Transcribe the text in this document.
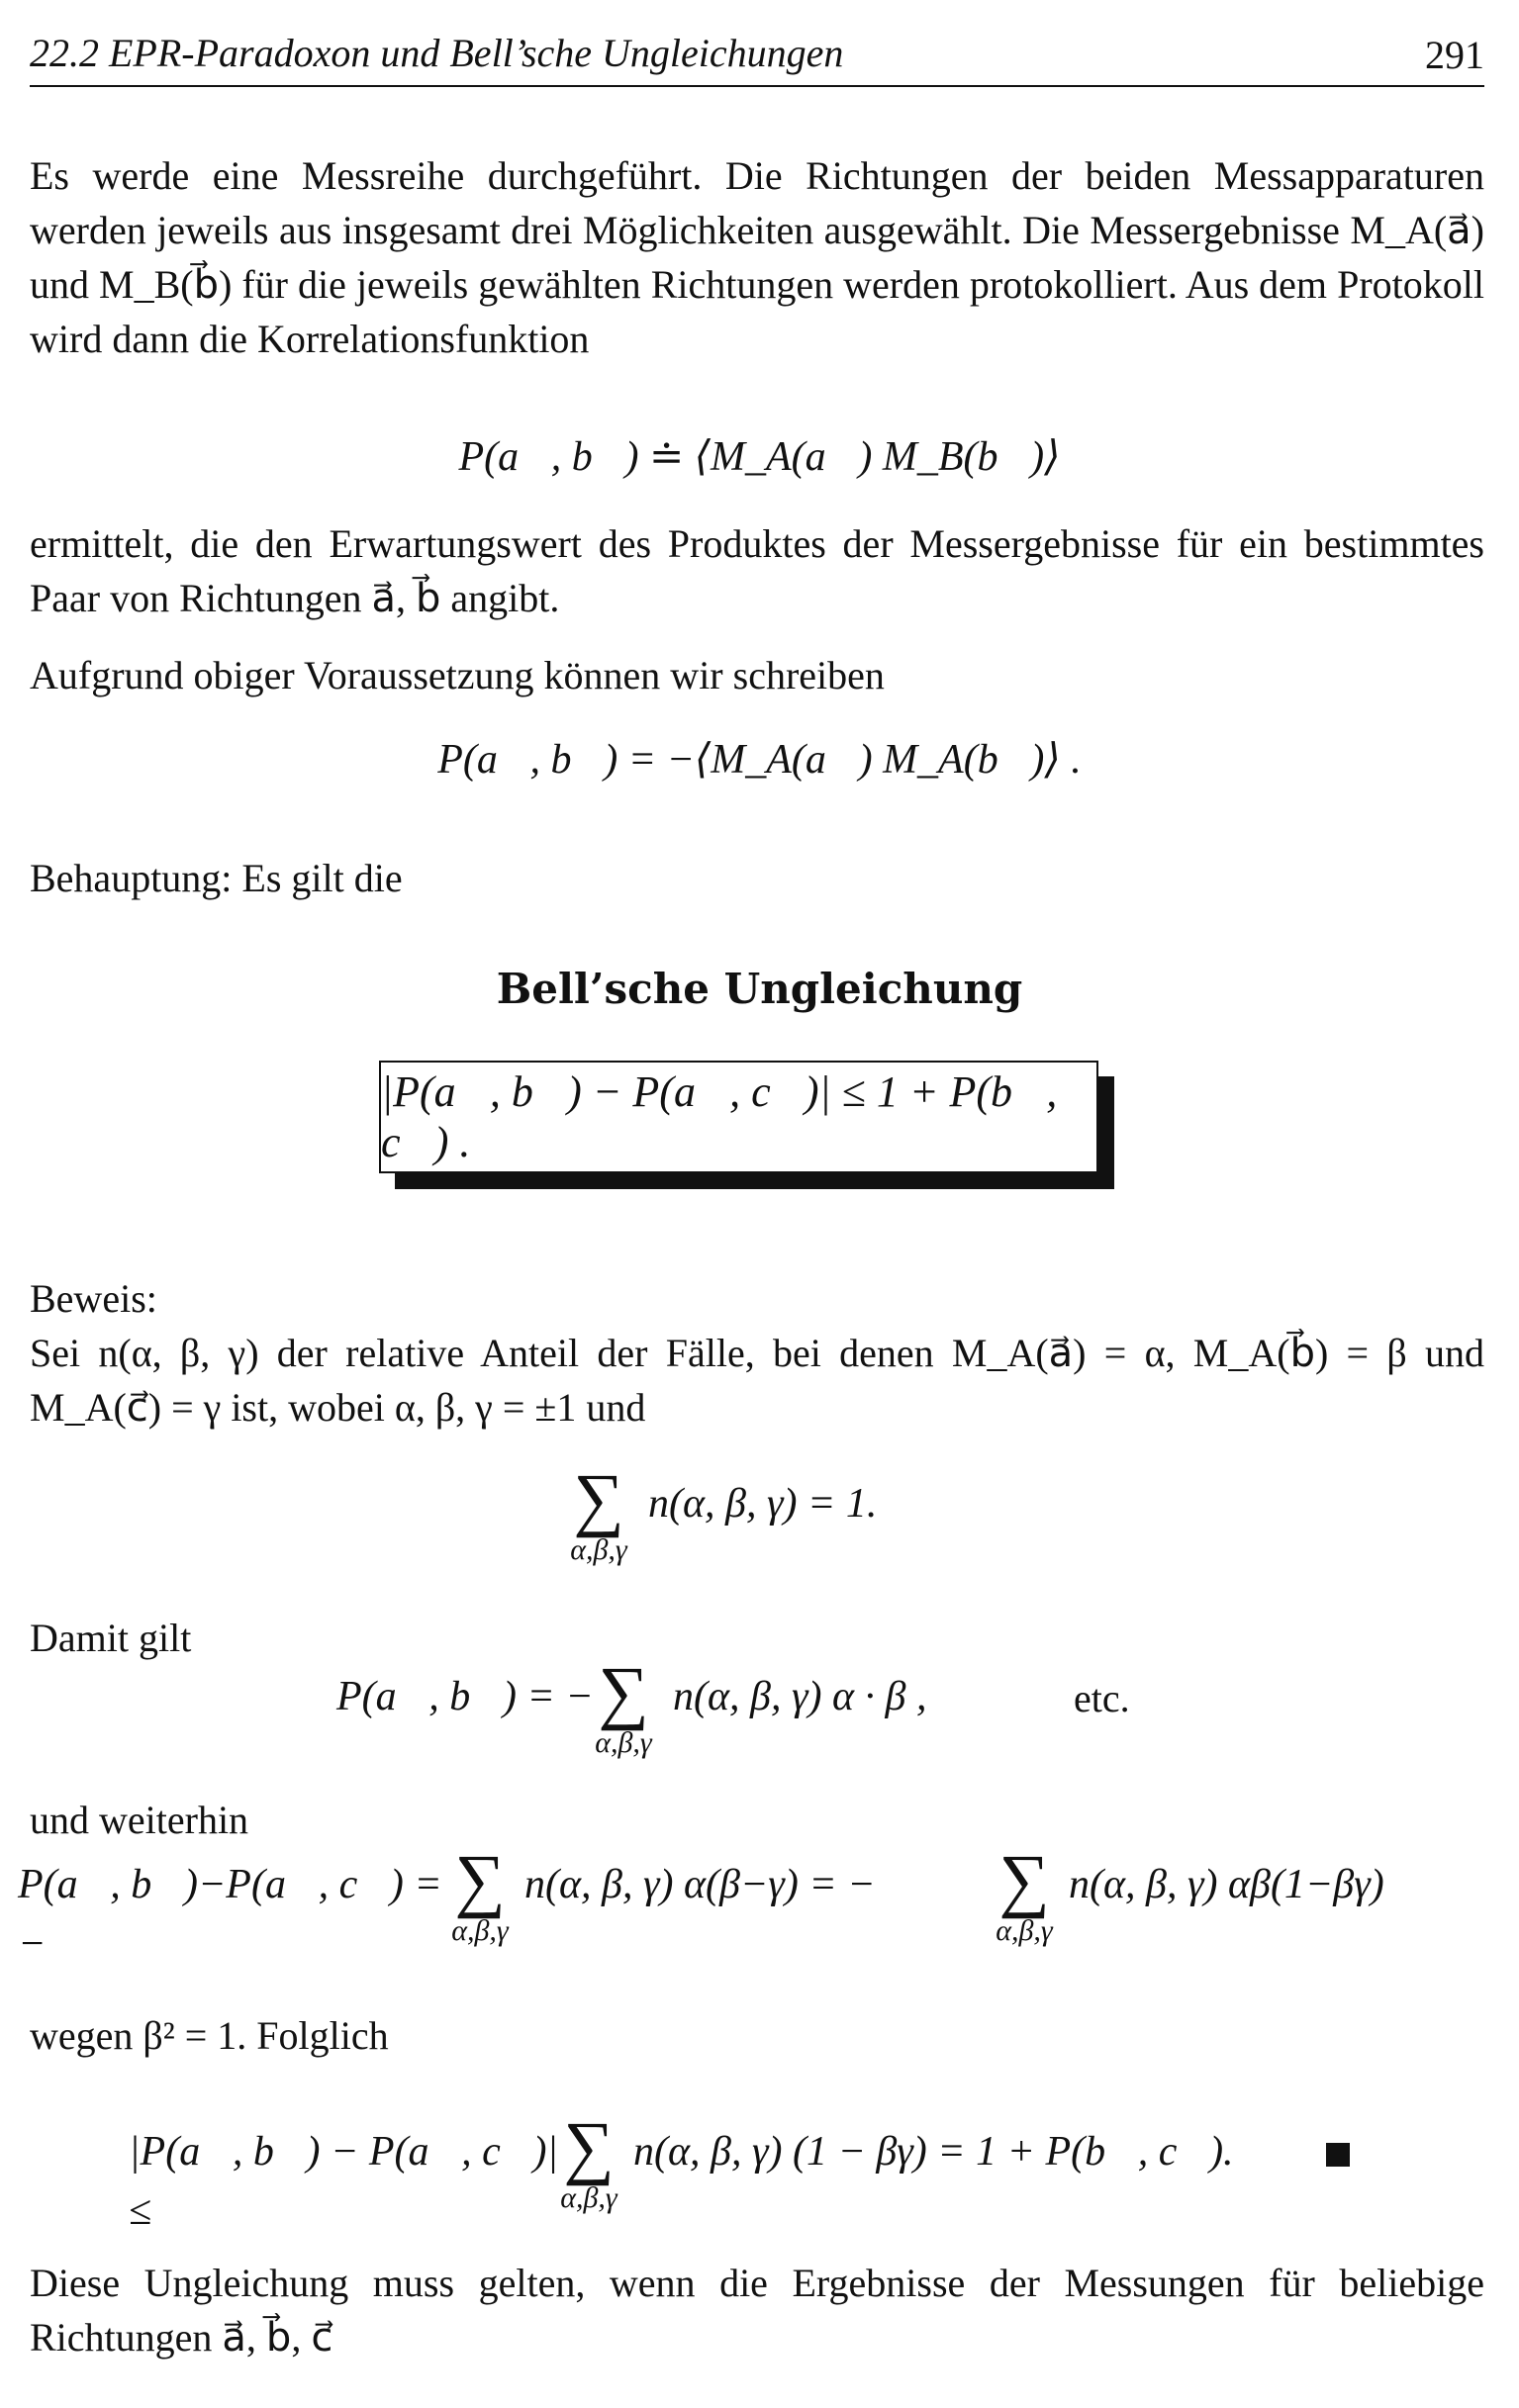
22.2 EPR-Paradoxon und Bell’sche Ungleichungen	291
Es werde eine Messreihe durchgeführt. Die Richtungen der beiden Messapparaturen werden jeweils aus insgesamt drei Möglichkeiten ausgewählt. Die Messergebnisse M_A(a⃗) und M_B(b⃗) für die jeweils gewählten Richtungen werden protokolliert. Aus dem Protokoll wird dann die Korrelationsfunktion
P(a⃗, b⃗) ≐ ⟨M_A(a⃗) M_B(b⃗)⟩
ermittelt, die den Erwartungswert des Produktes der Messergebnisse für ein bestimmtes Paar von Richtungen a⃗, b⃗ angibt.
Aufgrund obiger Voraussetzung können wir schreiben
P(a⃗, b⃗) = −⟨M_A(a⃗) M_A(b⃗)⟩ .
Behauptung: Es gilt die
Bell’sche Ungleichung
|P(a⃗, b⃗) − P(a⃗, c⃗)| ≤ 1 + P(b⃗, c⃗) .
Beweis:
Sei n(α, β, γ) der relative Anteil der Fälle, bei denen M_A(a⃗) = α, M_A(b⃗) = β und M_A(c⃗) = γ ist, wobei α, β, γ = ±1 und
∑
α,β,γ
n(α, β, γ) = 1.
Damit gilt
P(a⃗, b⃗) = − ∑
α,β,γ
n(α, β, γ) α · β ,	etc.
und weiterhin
P(a⃗, b⃗)−P(a⃗, c⃗) = −
∑
α,β,γ
n(α, β, γ) α(β−γ) = −	∑
α,β,γ
n(α, β, γ) αβ(1−βγ)
wegen β² = 1. Folglich
|P(a⃗, b⃗) − P(a⃗, c⃗)| ≤
∑
α,β,γ
n(α, β, γ) (1 − βγ) = 1 + P(b⃗, c⃗).
Diese Ungleichung muss gelten, wenn die Ergebnisse der Messungen für beliebige Richtungen a⃗, b⃗, c⃗
